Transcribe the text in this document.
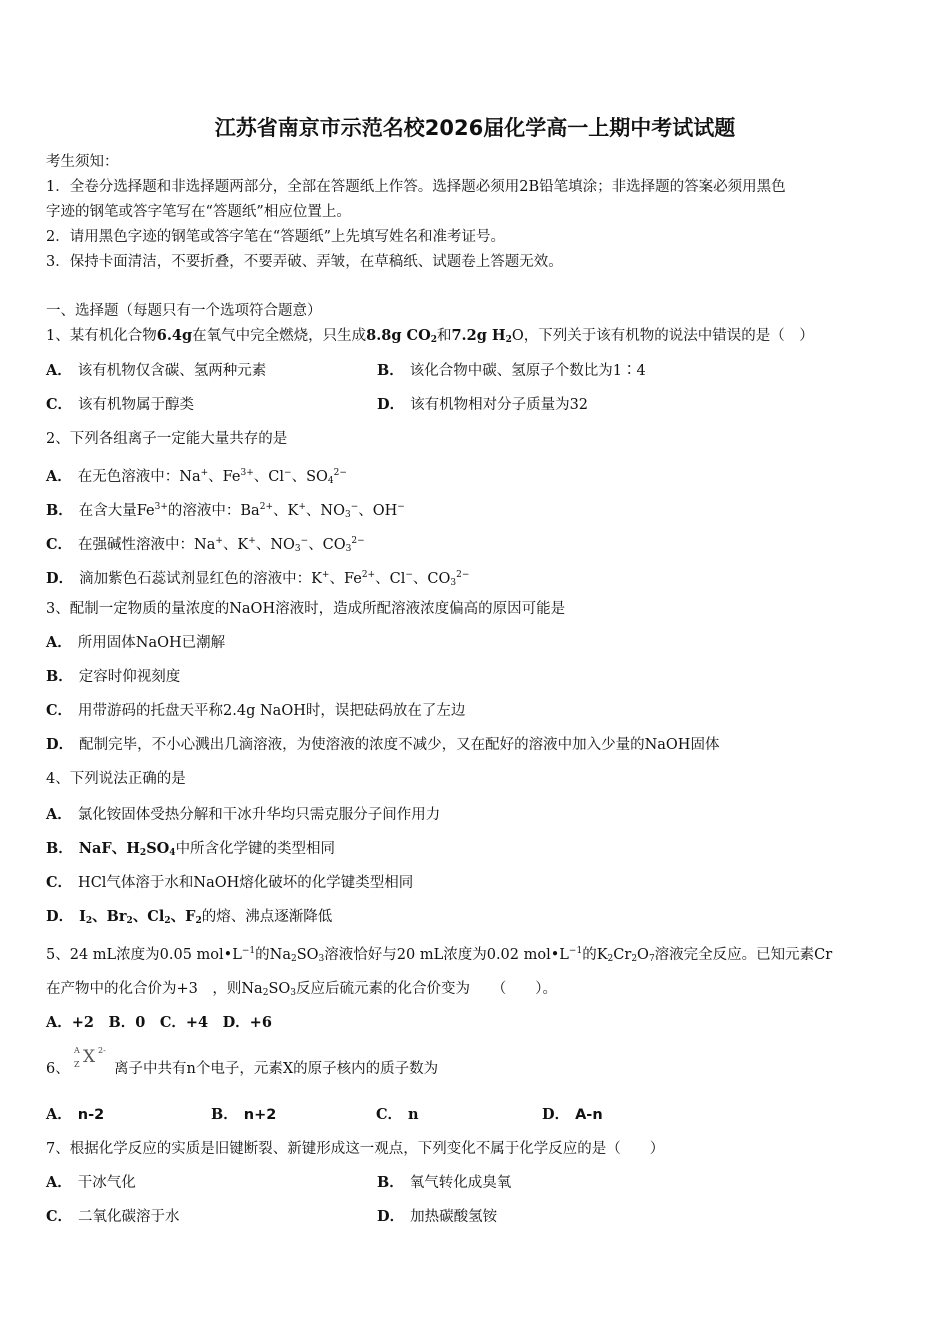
江苏省南京市示范名校2026届化学高一上期中考试试题
考生须知：
1．全卷分选择题和非选择题两部分，全部在答题纸上作答。选择题必须用2B铅笔填涂；非选择题的答案必须用黑色
字迹的钢笔或答字笔写在“答题纸”相应位置上。
2．请用黑色字迹的钢笔或答字笔在“答题纸”上先填写姓名和准考证号。
3．保持卡面清洁，不要折叠，不要弄破、弄皱，在草稿纸、试题卷上答题无效。
一、选择题（每题只有一个选项符合题意）
1、某有机化合物6.4g在氧气中完全燃烧，只生成8.8g $CO_2$和7.2g $H_2O$，下列关于该有机物的说法中错误的是（　）
A． 该有机物仅含碳、氢两种元素	B． 该化合物中碳、氢原子个数比为1∶4
C． 该有机物属于醇类	D． 该有机物相对分子质量为32
2、下列各组离子一定能大量共存的是
A． 在无色溶液中：Na+、$Fe^{3+}$、Cl−、$SO_4^{2-}$
B． 在含大量$Fe^{3+}$的溶液中：$Ba^{2+}$、K+、$NO_3^-$、OH−
C． 在强碱性溶液中：Na+、K+、$NO_3^-$、$CO_3^{2-}$
D． 滴加紫色石蕊试剂显红色的溶液中：K+、$Fe^{2+}$、Cl−、$CO_3^{2-}$
3、配制一定物质的量浓度的NaOH溶液时，造成所配溶液浓度偏高的原因可能是
A． 所用固体NaOH已潮解
B． 定容时仰视刻度
C． 用带游码的托盘天平称2.4g NaOH时，误把砝码放在了左边
D． 配制完毕，不小心溅出几滴溶液，为使溶液的浓度不减少，又在配好的溶液中加入少量的NaOH固体
4、下列说法正确的是
A． 氯化铵固体受热分解和干冰升华均只需克服分子间作用力
B． NaF、$H_2SO_4$中所含化学键的类型相同
C． HCl气体溶于水和NaOH熔化破坏的化学键类型相同
D． $I_2$、$Br_2$、$Cl_2$、$F_2$的熔、沸点逐渐降低
5、24 mL浓度为0.05 $mol•L^{-1}$的$Na_2SO_3$溶液恰好与20 mL浓度为0.02 $mol•L^{-1}$的$K_2Cr_2O_7$溶液完全反应。已知元素Cr
在产物中的化合价为+3　，则$Na_2SO_3$反应后硫元素的化合价变为　　（　　）。
A．+2　B．0　C．+4　D．+6
6、
A
Z X 2-
离子中共有n个电子，元素X的原子核内的质子数为
A． n-2	B． n+2	C． n	D． A-n
7、根据化学反应的实质是旧键断裂、新键形成这一观点，下列变化不属于化学反应的是（　　）
A． 干冰气化	B． 氧气转化成臭氧
C． 二氧化碳溶于水	D． 加热碳酸氢铵
